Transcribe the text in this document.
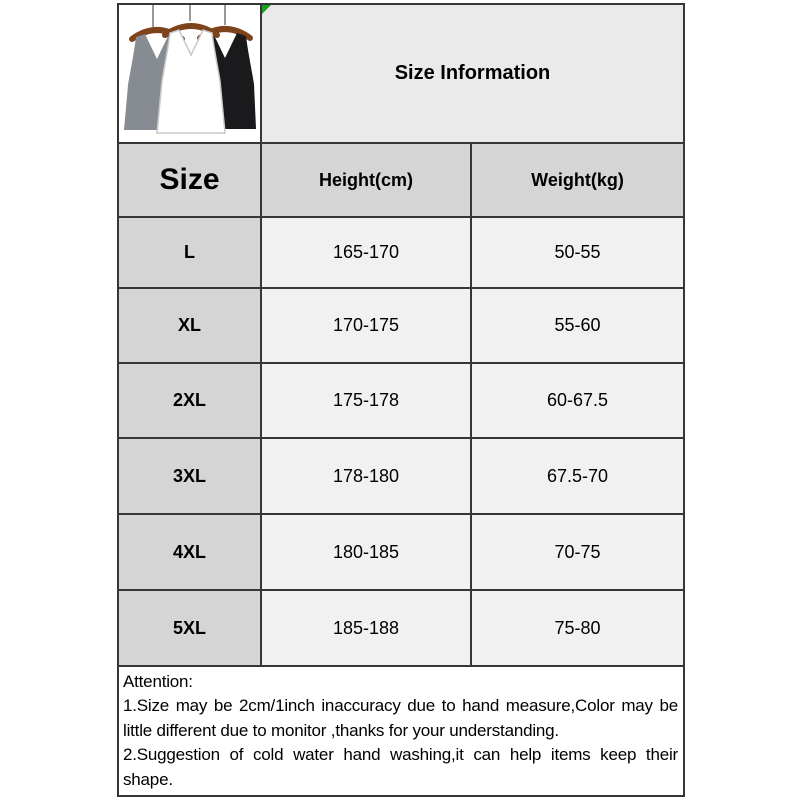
Size Information
Size	Height(cm)	Weight(kg)
L	165-170	50-55
XL	170-175	55-60
2XL	175-178	60-67.5
3XL	178-180	67.5-70
4XL	180-185	70-75
5XL	185-188	75-80

Attention:

1.Size may be 2cm/1inch inaccuracy due to hand measure,Color may be little different due to monitor ,thanks for your understanding.

2.Suggestion of cold water hand washing,it can help items keep their shape.
